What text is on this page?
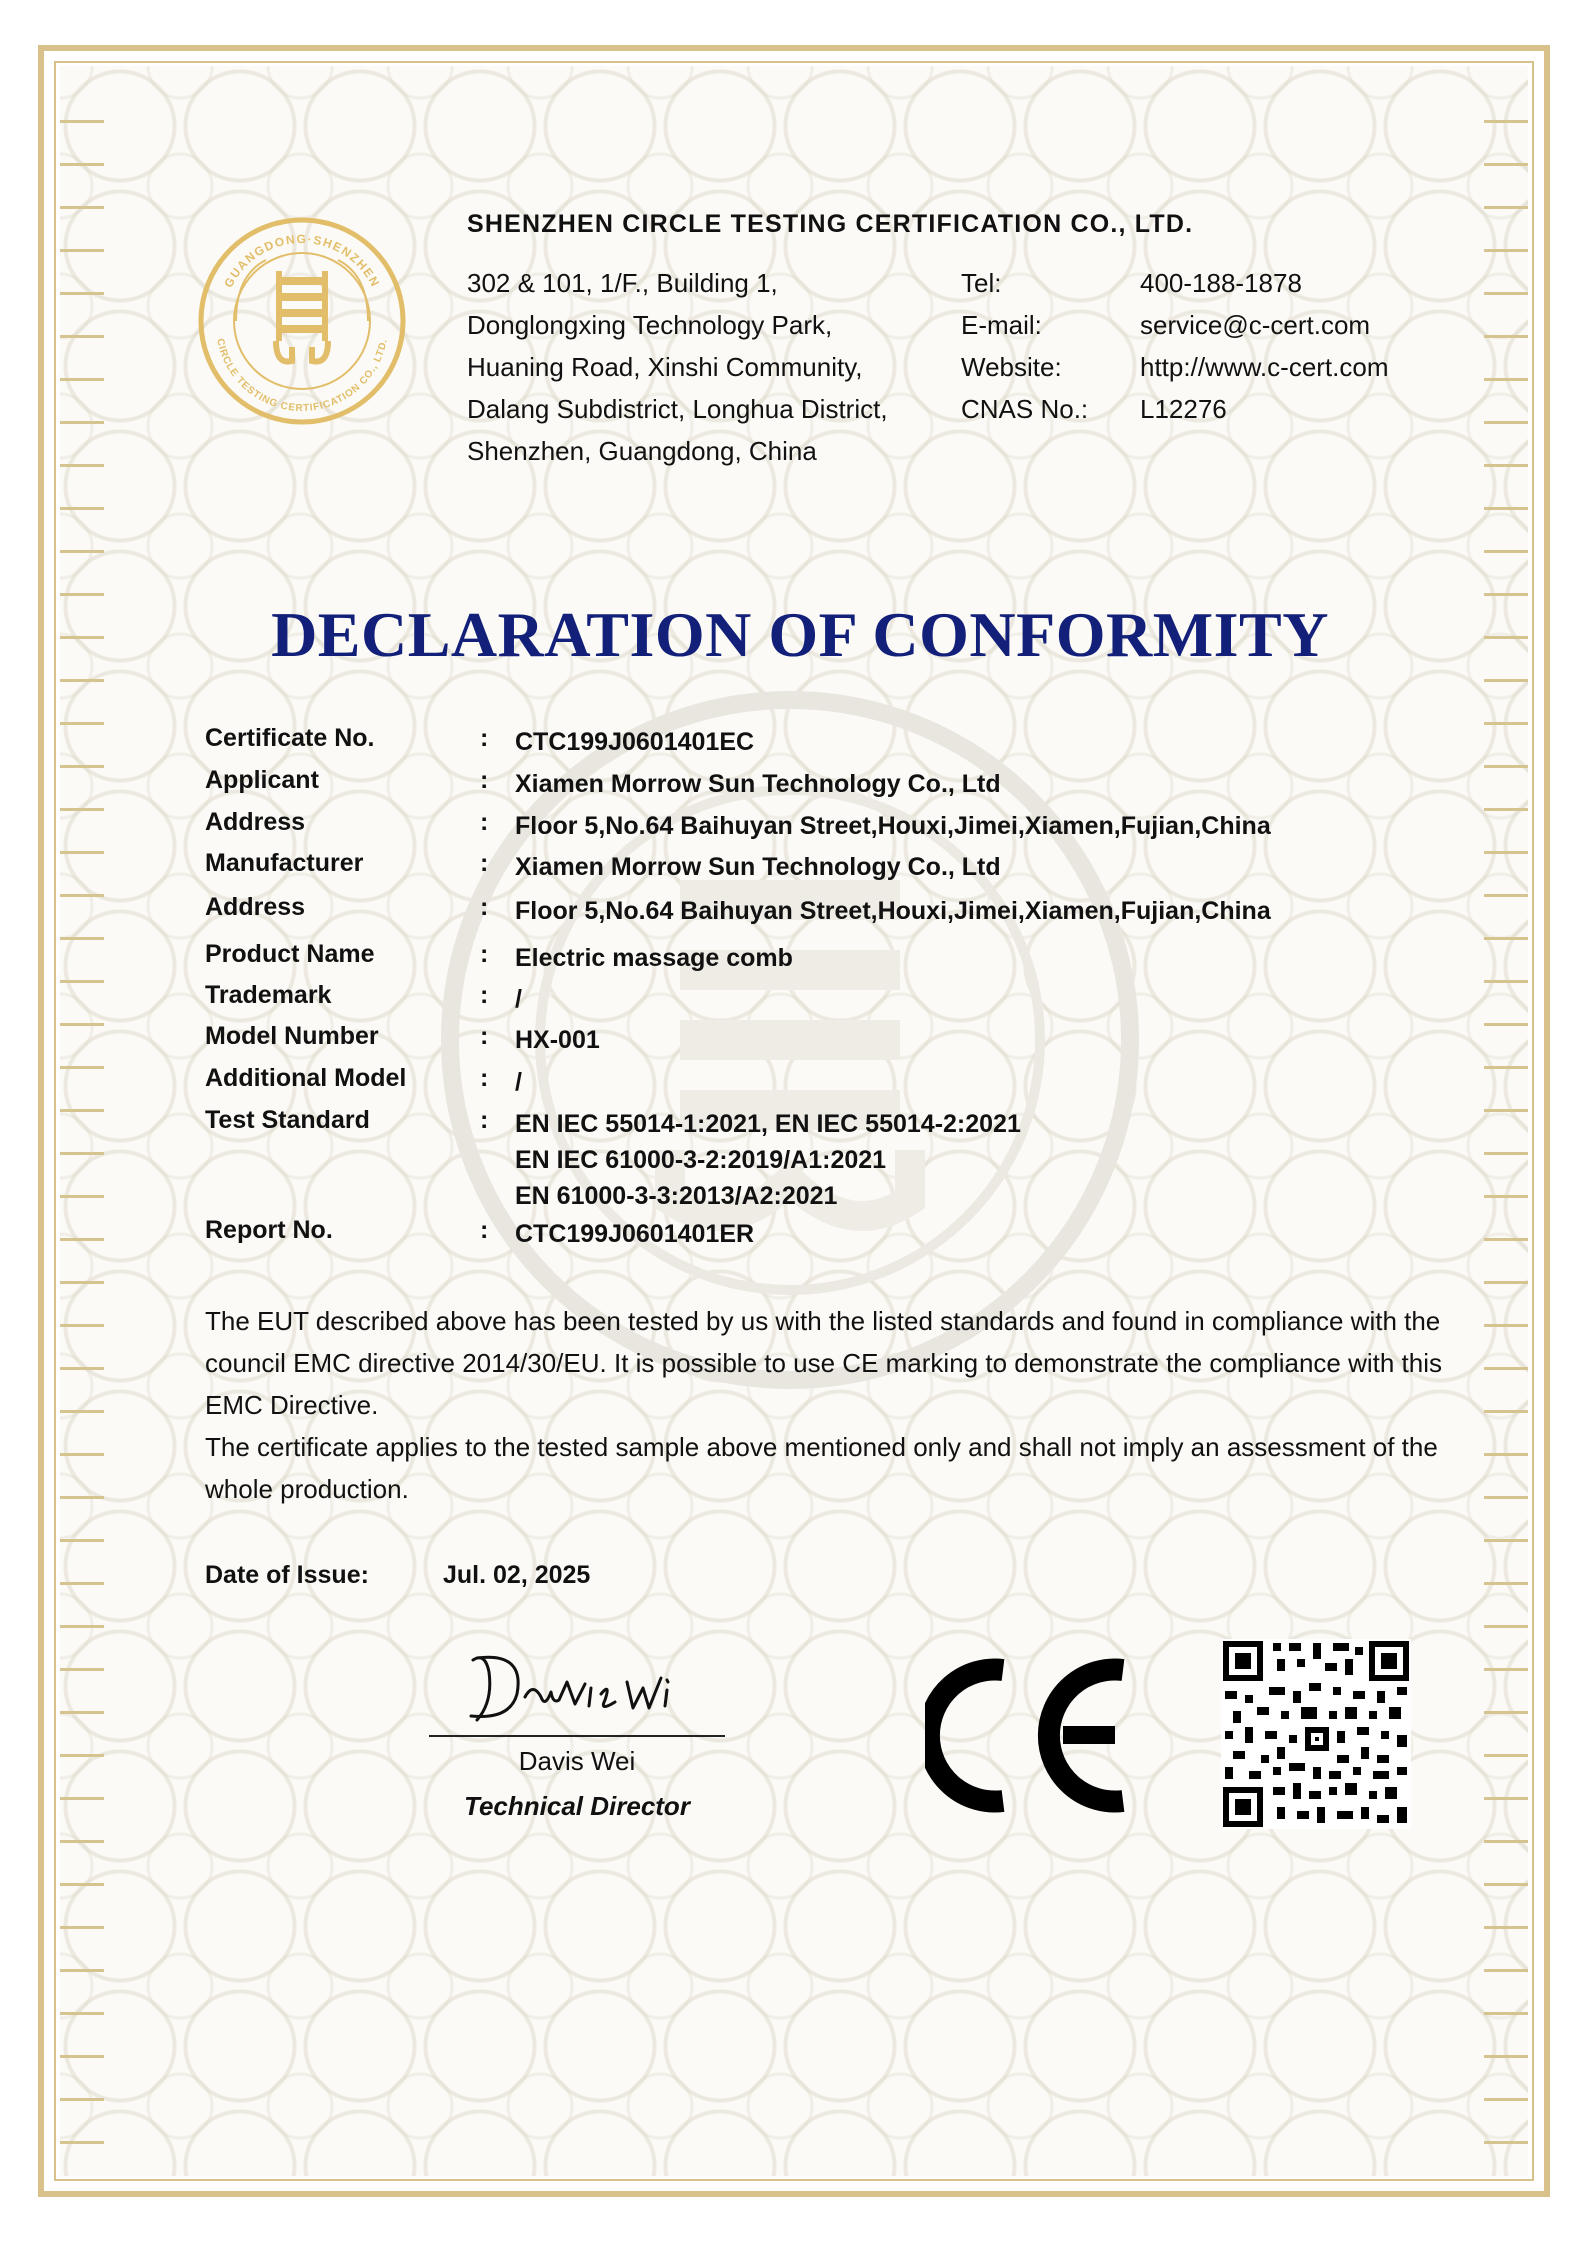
GUANGDONG·SHENZHEN
CIRCLE TESTING CERTIFICATION CO., LTD.
SHENZHEN CIRCLE TESTING CERTIFICATION CO., LTD.
302 & 101, 1/F., Building 1,
Donglongxing Technology Park,
Huaning Road, Xinshi Community,
Dalang Subdistrict, Longhua District,
Shenzhen, Guangdong, China
Tel:	400-188-1878
E-mail:	service@c-cert.com
Website:	http://www.c-cert.com
CNAS No.:	L12276
DECLARATION OF CONFORMITY
Certificate No.	:	CTC199J0601401EC
Applicant	:	Xiamen Morrow Sun Technology Co., Ltd
Address	:	Floor 5,No.64 Baihuyan Street,Houxi,Jimei,Xiamen,Fujian,China
Manufacturer	:	Xiamen Morrow Sun Technology Co., Ltd
Address	:	Floor 5,No.64 Baihuyan Street,Houxi,Jimei,Xiamen,Fujian,China
Product Name	:	Electric massage comb
Trademark	:	/
Model Number	:	HX-001
Additional Model	:	/
Test Standard	:	EN IEC 55014-1:2021, EN IEC 55014-2:2021
EN IEC 61000-3-2:2019/A1:2021
EN 61000-3-3:2013/A2:2021
Report No.	:	CTC199J0601401ER

The EUT described above has been tested by us with the listed standards and found in compliance with the council EMC directive 2014/30/EU. It is possible to use CE marking to demonstrate the compliance with this EMC Directive.

The certificate applies to the tested sample above mentioned only and shall not imply an assessment of the whole production.

Date of Issue:	Jul. 02, 2025
Davis Wei
Technical Director
